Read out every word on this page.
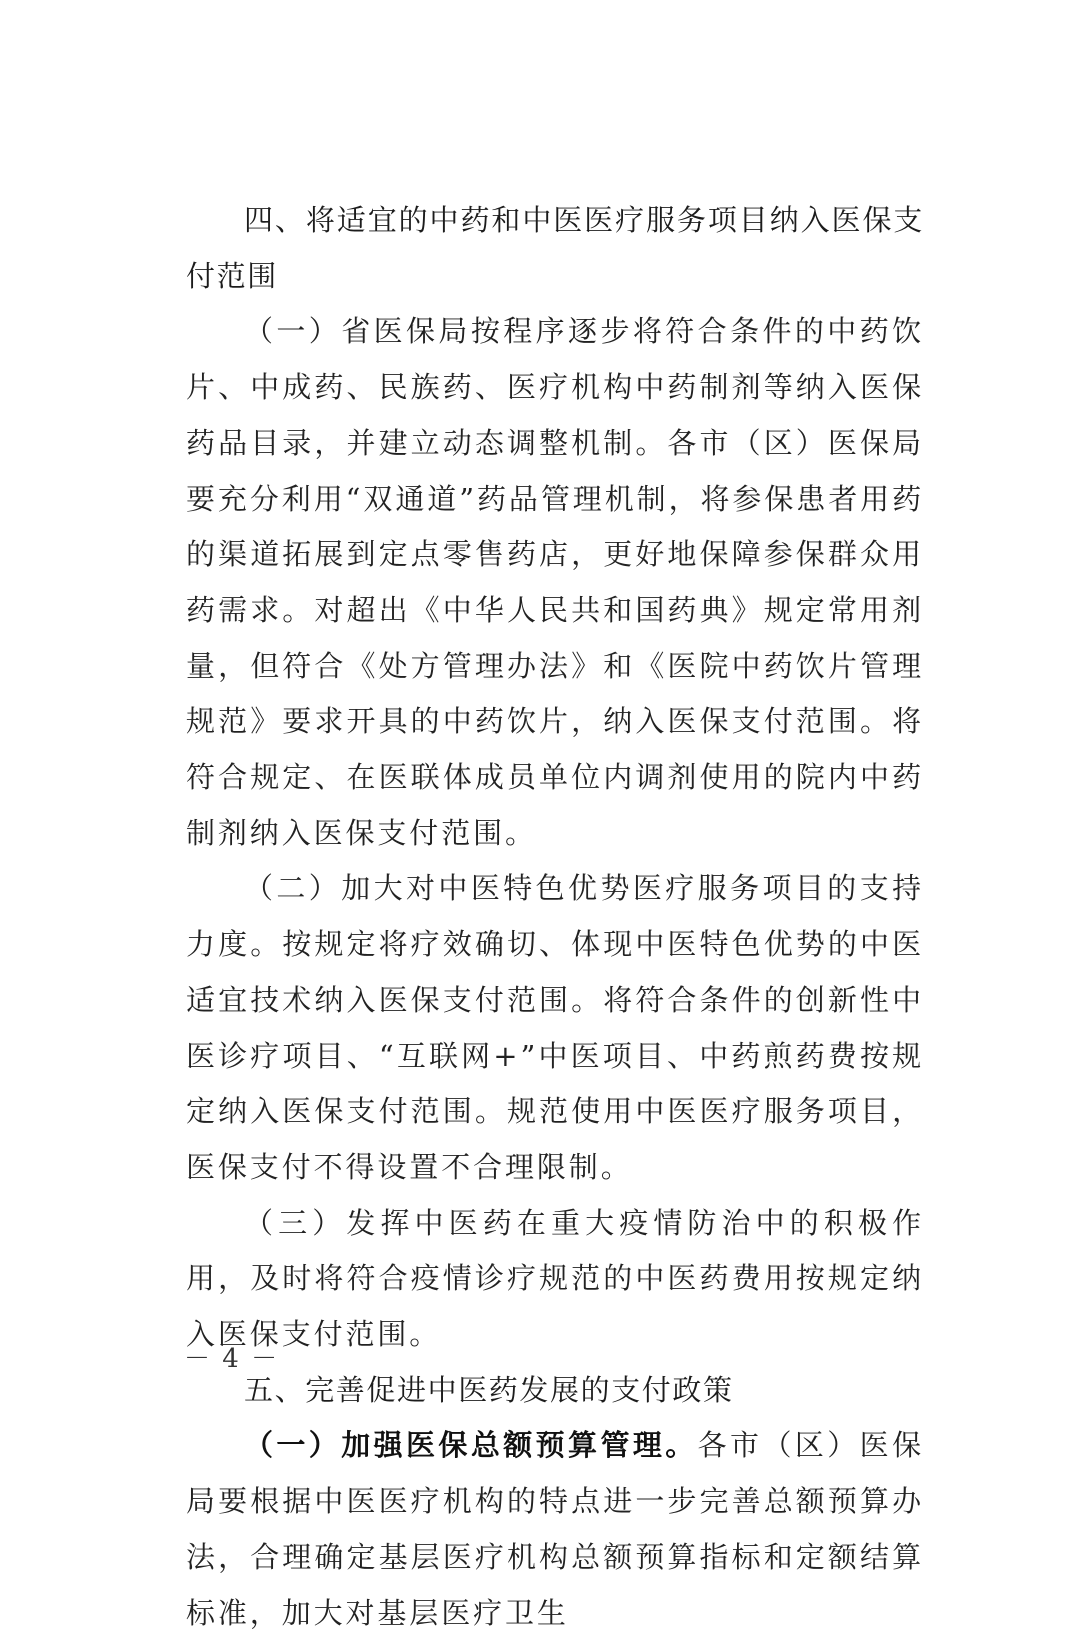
四、将适宜的中药和中医医疗服务项目纳入医保支付范围

（一）省医保局按程序逐步将符合条件的中药饮片、中成药、民族药、医疗机构中药制剂等纳入医保药品目录，并建立动态调整机制。各市（区）医保局要充分利用“双通道”药品管理机制，将参保患者用药的渠道拓展到定点零售药店，更好地保障参保群众用药需求。对超出《中华人民共和国药典》规定常用剂量，但符合《处方管理办法》和《医院中药饮片管理规范》要求开具的中药饮片，纳入医保支付范围。将符合规定、在医联体成员单位内调剂使用的院内中药制剂纳入医保支付范围。

（二）加大对中医特色优势医疗服务项目的支持力度。按规定将疗效确切、体现中医特色优势的中医适宜技术纳入医保支付范围。将符合条件的创新性中医诊疗项目、“互联网+”中医项目、中药煎药费按规定纳入医保支付范围。规范使用中医医疗服务项目，医保支付不得设置不合理限制。

（三）发挥中医药在重大疫情防治中的积极作用，及时将符合疫情诊疗规范的中医药费用按规定纳入医保支付范围。

五、完善促进中医药发展的支付政策

（一）加强医保总额预算管理。各市（区）医保局要根据中医医疗机构的特点进一步完善总额预算办法，合理确定基层医疗机构总额预算指标和定额结算标准，加大对基层医疗卫生

－ 4 －
